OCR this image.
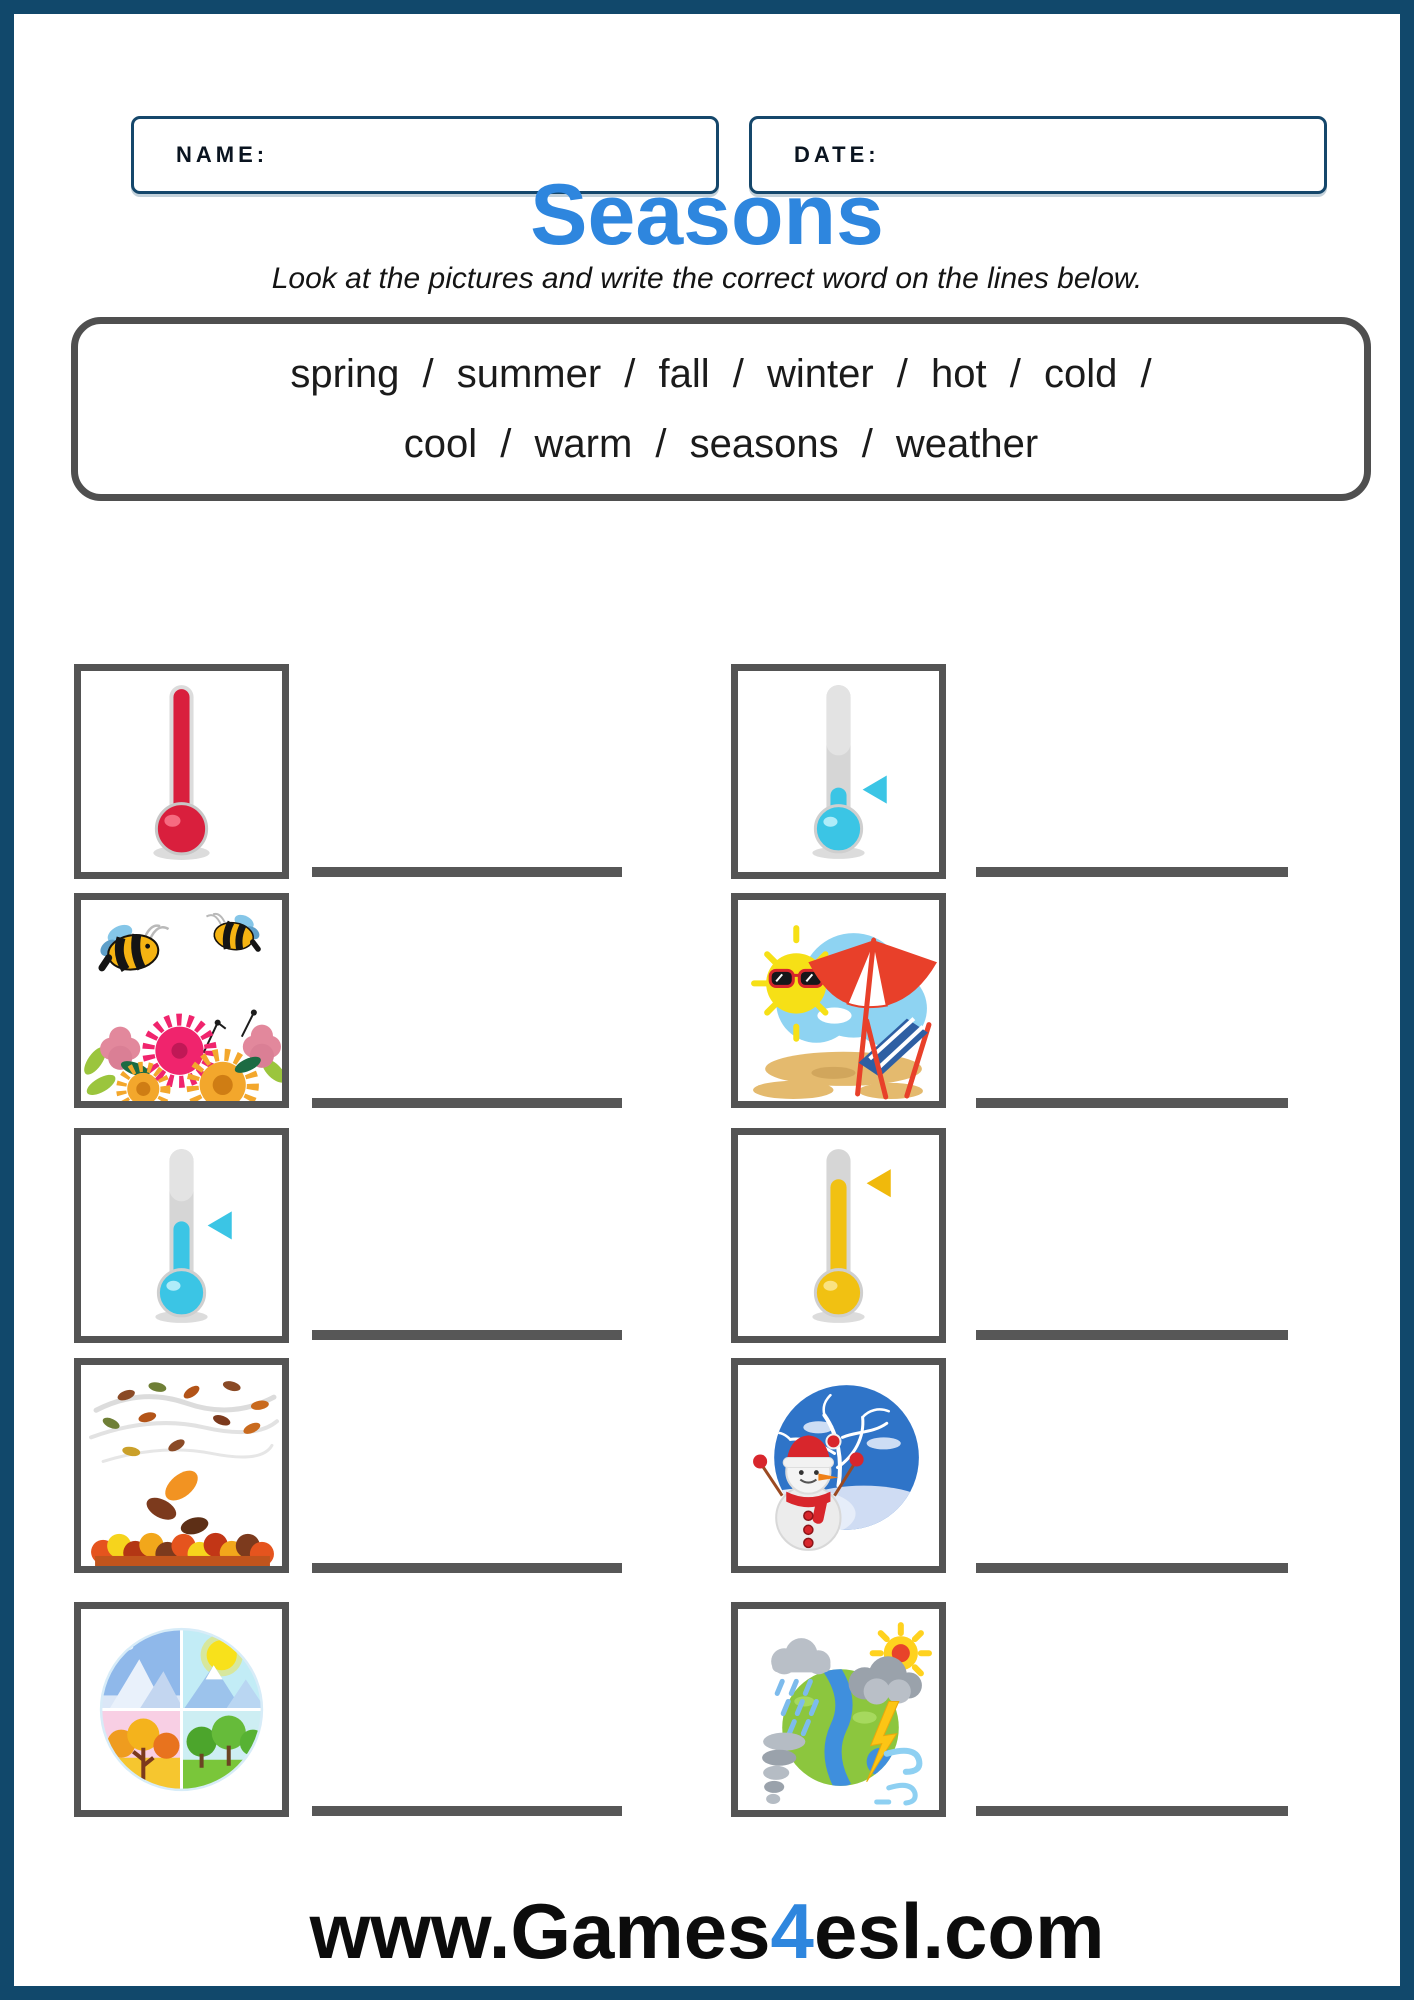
NAME:	DATE:
Seasons
Look at the pictures and write the correct word on the lines below.
spring / summer / fall / winter / hot / cold /
cool / warm / seasons / weather
www.Games4esl.com
